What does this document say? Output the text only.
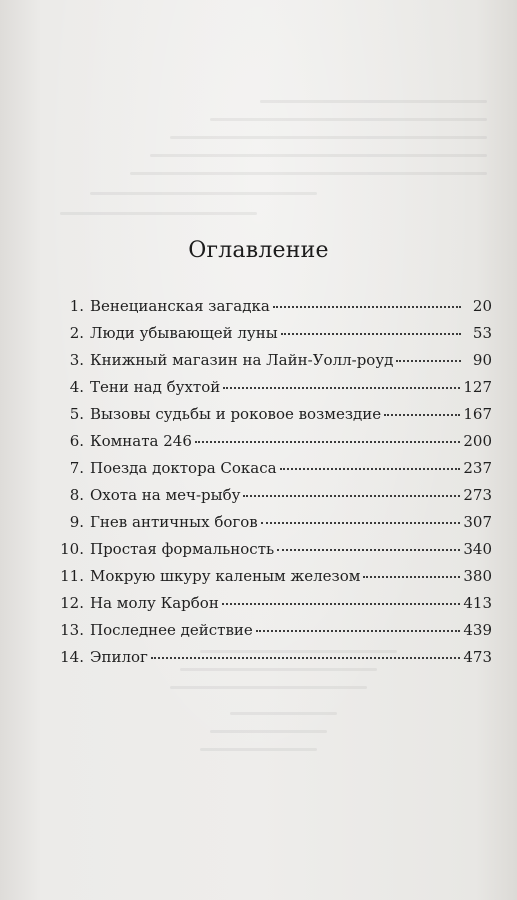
Оглавление
1. Венецианская загадка	20
2. Люди убывающей луны	53
3. Книжный магазин на Лайн-Уолл-роуд	90
4. Тени над бухтой	127
5. Вызовы судьбы и роковое возмездие	167
6. Комната 246	200
7. Поезда доктора Сокаса	237
8. Охота на меч-рыбу	273
9. Гнев античных богов	307
10. Простая формальность	340
11. Мокрую шкуру каленым железом	380
12. На молу Карбон	413
13. Последнее действие	439
14. Эпилог	473
